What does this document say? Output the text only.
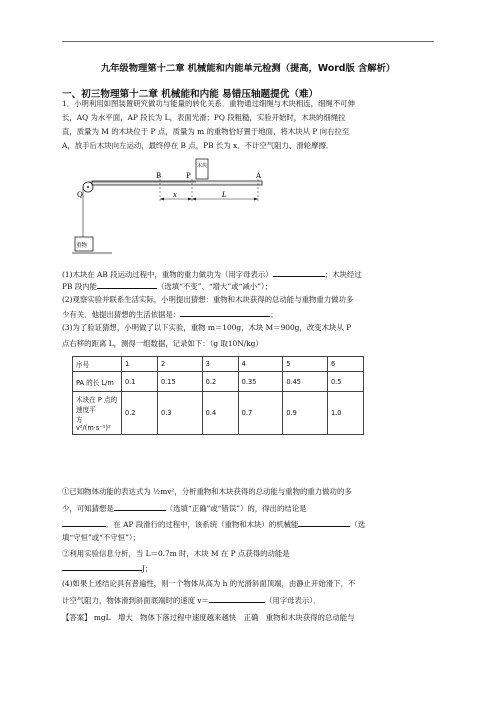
九年级物理第十二章 机械能和内能单元检测（提高，Word版 含解析）
一、初三物理第十二章 机械能和内能 易错压轴题提优（难）
1．小明利用如图装置研究做功与能量的转化关系．重物通过细绳与木块相连，细绳不可伸
长，AQ 为水平面，AP 段长为 L，表面光滑；PQ 段粗糙，实验开始时，木块的细绳拉
直，质量为 M 的木块位于 P 点，质量为 m 的重物恰好置于地面，将木块从 P 向右拉至
A，放手后木块向左运动，最终停在 B 点，PB 长为 x．不计空气阻力、滑轮摩擦．
Q
B	P	A
木块
x	L
重物
(1)木块在 AB 段运动过程中，重物的重力做功为（用字母表示）	；木块经过
PB 段内能	（选填“不变”、“增大”或“减小”）；
(2)观察实验并联系生活实际，小明提出猜想：重物和木块获得的总动能与重物重力做功多
少有关．他提出猜想的生活依据是：	；
(3)为了验证猜想，小明做了以下实验，重物 m＝100g，木块 M＝900g，改变木块从 P
点右移的距离 L，测得一组数据，记录如下：（g 取10N/kg）
序号	1	2	3	4	5	6
PA 的长 L/m	0.1	0.15	0.2	0.35	0.45	0.5

木块在 P 点的速度平
方 v²/(m·s⁻¹)²	0.2	0.3	0.4	0.7	0.9	1.0
①已知物体动能的表达式为 ½mv²，分析重物和木块获得的总动能与重物的重力做功的多
少，可知猜想是	（选填“正确”或“错误”）的，得出的结论是
．在 AP 段滑行的过程中，该系统（重物和木块）的机械能	（选
填“守恒”或“不守恒”）；
②利用实验信息分析，当 L＝0.7m 时，木块 M 在 P 点获得的动能是
J；
(4)如果上述结论具有普遍性，则一个物体从高为 h 的光滑斜面顶端，由静止开始滑下，不
计空气阻力，物体滑到斜面底端时的速度 v＝	（用字母表示）．
【答案】 mgL　增大　物体下落过程中速度越来越快　正确　重物和木块获得的总动能与
